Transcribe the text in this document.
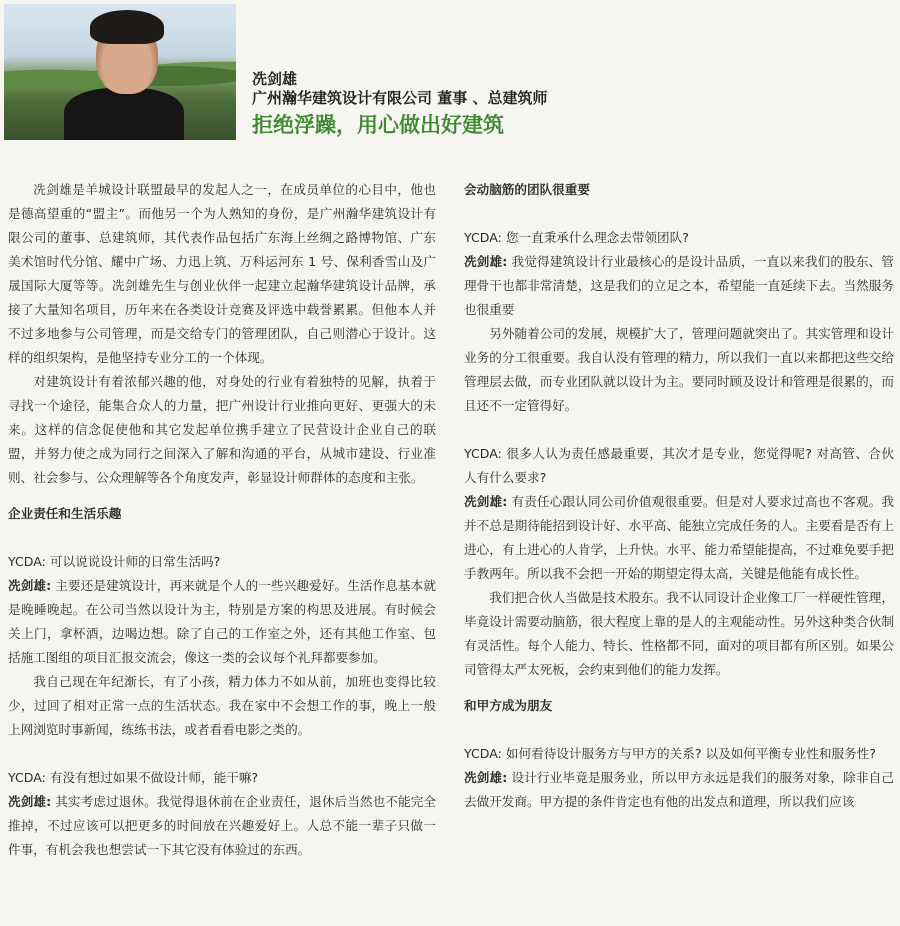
冼剑雄

广州瀚华建筑设计有限公司 董事 、总建筑师

拒绝浮躁，用心做出好建筑

冼剑雄是羊城设计联盟最早的发起人之一，在成员单位的心目中，他也是德高望重的“盟主”。而他另一个为人熟知的身份，是广州瀚华建筑设计有限公司的董事、总建筑师，其代表作品包括广东海上丝绸之路博物馆、广东美术馆时代分馆、耀中广场、力迅上筑、万科运河东 1 号、保利香雪山及广晟国际大厦等等。冼剑雄先生与创业伙伴一起建立起瀚华建筑设计品牌，承接了大量知名项目，历年来在各类设计竞赛及评选中载誉累累。但他本人并不过多地参与公司管理，而是交给专门的管理团队，自己则潜心于设计。这样的组织架构，是他坚持专业分工的一个体现。

对建筑设计有着浓郁兴趣的他，对身处的行业有着独特的见解，执着于寻找一个途径，能集合众人的力量，把广州设计行业推向更好、更强大的未来。这样的信念促使他和其它发起单位携手建立了民营设计企业自己的联盟，并努力使之成为同行之间深入了解和沟通的平台，从城市建设、行业准则、社会参与、公众理解等各个角度发声，彰显设计师群体的态度和主张。

企业责任和生活乐趣

YCDA: 可以说说设计师的日常生活吗?

冼剑雄: 主要还是建筑设计，再来就是个人的一些兴趣爱好。生活作息基本就是晚睡晚起。在公司当然以设计为主，特别是方案的构思及进展。有时候会关上门，拿杯酒，边喝边想。除了自己的工作室之外，还有其他工作室、包括施工图组的项目汇报交流会，像这一类的会议每个礼拜都要参加。

我自己现在年纪渐长，有了小孩，精力体力不如从前，加班也变得比较少，过回了相对正常一点的生活状态。我在家中不会想工作的事，晚上一般上网浏览时事新闻，练练书法，或者看看电影之类的。

YCDA: 有没有想过如果不做设计师，能干嘛?

冼剑雄: 其实考虑过退休。我觉得退休前在企业责任，退休后当然也不能完全推掉，不过应该可以把更多的时间放在兴趣爱好上。人总不能一辈子只做一件事，有机会我也想尝试一下其它没有体验过的东西。

会动脑筋的团队很重要

YCDA: 您一直秉承什么理念去带领团队?

冼剑雄: 我觉得建筑设计行业最核心的是设计品质，一直以来我们的股东、管理骨干也都非常清楚，这是我们的立足之本，希望能一直延续下去。当然服务也很重要

另外随着公司的发展，规模扩大了，管理问题就突出了。其实管理和设计业务的分工很重要。我自认没有管理的精力，所以我们一直以来都把这些交给管理层去做，而专业团队就以设计为主。要同时顾及设计和管理是很累的，而且还不一定管得好。

YCDA: 很多人认为责任感最重要，其次才是专业，您觉得呢? 对高管、合伙人有什么要求?

冼剑雄: 有责任心跟认同公司价值观很重要。但是对人要求过高也不客观。我并不总是期待能招到设计好、水平高、能独立完成任务的人。主要看是否有上进心，有上进心的人肯学，上升快。水平、能力希望能提高，不过难免要手把手教两年。所以我不会把一开始的期望定得太高，关键是他能有成长性。

我们把合伙人当做是技术股东。我不认同设计企业像工厂一样硬性管理，毕竟设计需要动脑筋，很大程度上靠的是人的主观能动性。另外这种类合伙制有灵活性。每个人能力、特长、性格都不同，面对的项目都有所区别。如果公司管得太严太死板，会约束到他们的能力发挥。

和甲方成为朋友

YCDA: 如何看待设计服务方与甲方的关系? 以及如何平衡专业性和服务性?

冼剑雄: 设计行业毕竟是服务业，所以甲方永远是我们的服务对象，除非自己去做开发商。甲方提的条件肯定也有他的出发点和道理，所以我们应该
